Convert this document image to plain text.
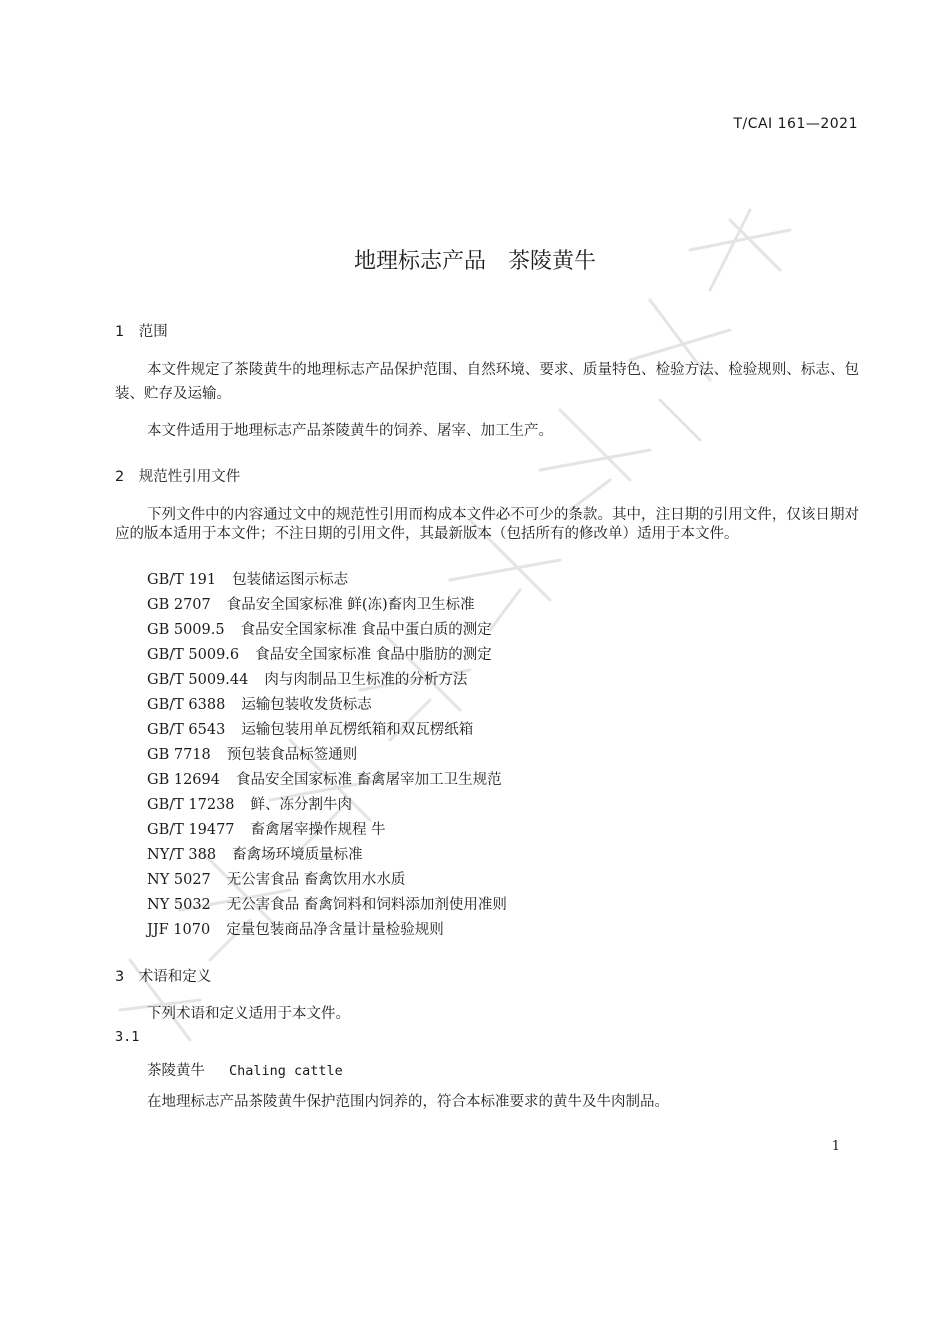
T/CAI 161—2021
地理标志产品　茶陵黄牛
1　范围
本文件规定了茶陵黄牛的地理标志产品保护范围、自然环境、要求、质量特色、检验方法、检验规则、标志、包装、贮存及运输。
本文件适用于地理标志产品茶陵黄牛的饲养、屠宰、加工生产。
2　规范性引用文件
下列文件中的内容通过文中的规范性引用而构成本文件必不可少的条款。其中，注日期的引用文件，仅该日期对应的版本适用于本文件；不注日期的引用文件，其最新版本（包括所有的修改单）适用于本文件。
GB/T 191 包装储运图示标志
GB 2707 食品安全国家标准 鲜(冻)畜肉卫生标准
GB 5009.5 食品安全国家标准 食品中蛋白质的测定
GB/T 5009.6 食品安全国家标准 食品中脂肪的测定
GB/T 5009.44 肉与肉制品卫生标准的分析方法
GB/T 6388 运输包装收发货标志
GB/T 6543 运输包装用单瓦楞纸箱和双瓦楞纸箱
GB 7718 预包装食品标签通则
GB 12694 食品安全国家标准 畜禽屠宰加工卫生规范
GB/T 17238 鲜、冻分割牛肉
GB/T 19477 畜禽屠宰操作规程 牛
NY/T 388 畜禽场环境质量标准
NY 5027 无公害食品 畜禽饮用水水质
NY 5032 无公害食品 畜禽饲料和饲料添加剂使用准则
JJF 1070 定量包装商品净含量计量检验规则
3　术语和定义
下列术语和定义适用于本文件。
3.1
茶陵黄牛 Chaling cattle
在地理标志产品茶陵黄牛保护范围内饲养的，符合本标准要求的黄牛及牛肉制品。
1
